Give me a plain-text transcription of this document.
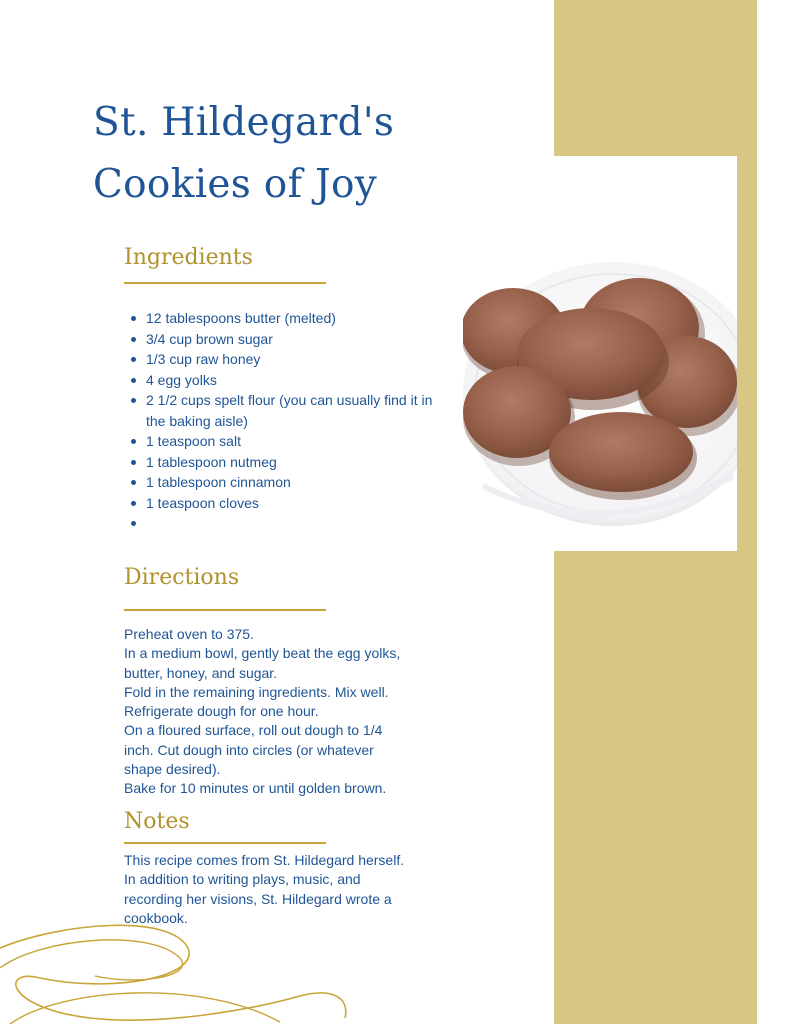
St. Hildegard's
Cookies of Joy
Ingredients
12 tablespoons butter (melted)
3/4 cup brown sugar
1/3 cup raw honey
4 egg yolks
2 1/2 cups spelt flour (you can usually find it in the baking aisle)
1 teaspoon salt
1 tablespoon nutmeg
1 tablespoon cinnamon
1 teaspoon cloves
Directions
Preheat oven to 375.
In a medium bowl, gently beat the egg yolks,
butter, honey, and sugar.
Fold in the remaining ingredients. Mix well.
Refrigerate dough for one hour.
On a floured surface, roll out dough to 1/4
inch. Cut dough into circles (or whatever
shape desired).
Bake for 10 minutes or until golden brown.
Notes
This recipe comes from St. Hildegard herself.
In addition to writing plays, music, and
recording her visions, St. Hildegard wrote a
cookbook.
